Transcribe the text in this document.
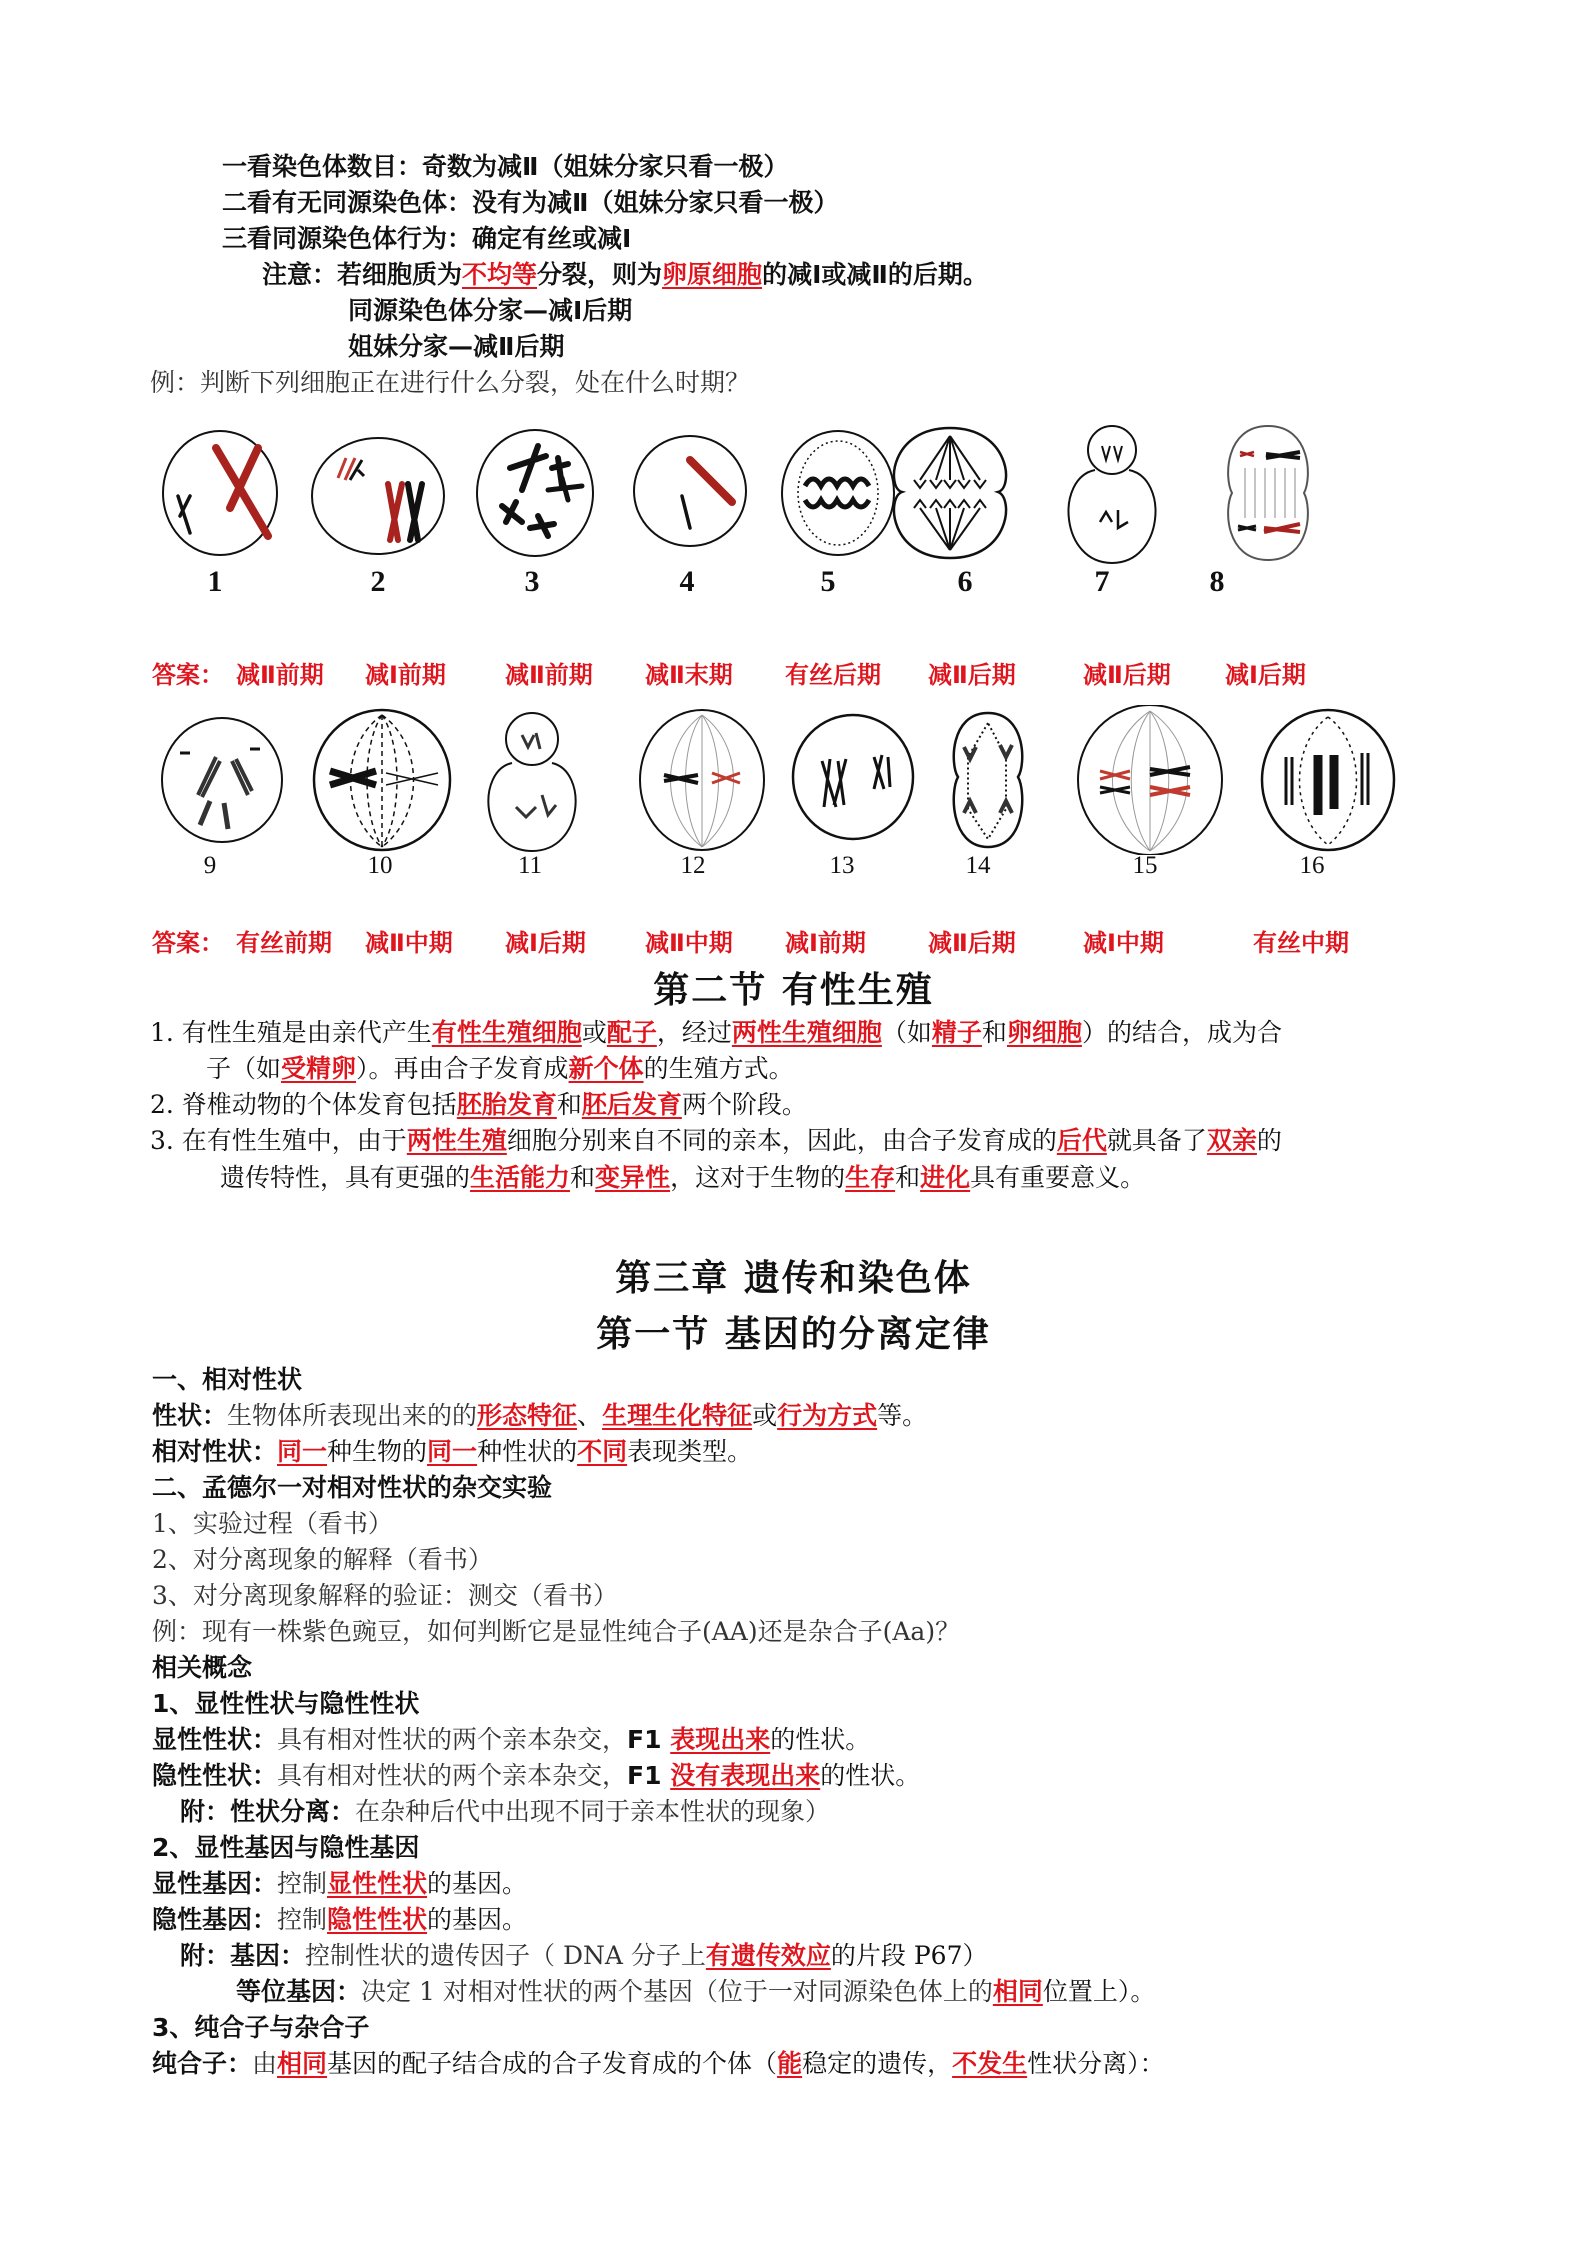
一看染色体数目：奇数为减Ⅱ（姐妹分家只看一极）
二看有无同源染色体：没有为减Ⅱ（姐妹分家只看一极）
三看同源染色体行为：确定有丝或减Ⅰ
注意：若细胞质为不均等分裂，则为卵原细胞的减Ⅰ或减Ⅱ的后期。
同源染色体分家—减Ⅰ后期
姐妹分家—减Ⅱ后期
例：判断下列细胞正在进行什么分裂，处在什么时期？
1	2	3	4	5	6	7	8
答案： 减Ⅱ前期 减Ⅰ前期 减Ⅱ前期 减Ⅱ末期 有丝后期 减Ⅱ后期	减Ⅱ后期 减Ⅰ后期
9	10	11	12	13	14	15	16
答案： 有丝前期 减Ⅱ中期 减Ⅰ后期 减Ⅱ中期 减Ⅰ前期	减Ⅱ后期	减Ⅰ中期	有丝中期
第二节 有性生殖
1. 有性生殖是由亲代产生有性生殖细胞或配子，经过两性生殖细胞（如精子和卵细胞）的结合，成为合
子（如受精卵）。再由合子发育成新个体的生殖方式。
2. 脊椎动物的个体发育包括胚胎发育和胚后发育两个阶段。
3. 在有性生殖中，由于两性生殖细胞分别来自不同的亲本，因此，由合子发育成的后代就具备了双亲的
遗传特性，具有更强的生活能力和变异性，这对于生物的生存和进化具有重要意义。
第三章 遗传和染色体
第一节 基因的分离定律
一、相对性状
性状：生物体所表现出来的的形态特征、生理生化特征或行为方式等。
相对性状：同一种生物的同一种性状的不同表现类型。
二、孟德尔一对相对性状的杂交实验
1、实验过程（看书）
2、对分离现象的解释（看书）
3、对分离现象解释的验证：测交（看书）
例：现有一株紫色豌豆，如何判断它是显性纯合子(AA)还是杂合子(Aa)？
相关概念
1、显性性状与隐性性状
显性性状：具有相对性状的两个亲本杂交，F1 表现出来的性状。
隐性性状：具有相对性状的两个亲本杂交，F1 没有表现出来的性状。
附：性状分离：在杂种后代中出现不同于亲本性状的现象）
2、显性基因与隐性基因
显性基因：控制显性性状的基因。
隐性基因：控制隐性性状的基因。
附：基因：控制性状的遗传因子（ DNA 分子上有遗传效应的片段 P67）
等位基因：决定 1 对相对性状的两个基因（位于一对同源染色体上的相同位置上）。
3、纯合子与杂合子
纯合子：由相同基因的配子结合成的合子发育成的个体（能稳定的遗传，不发生性状分离）：
